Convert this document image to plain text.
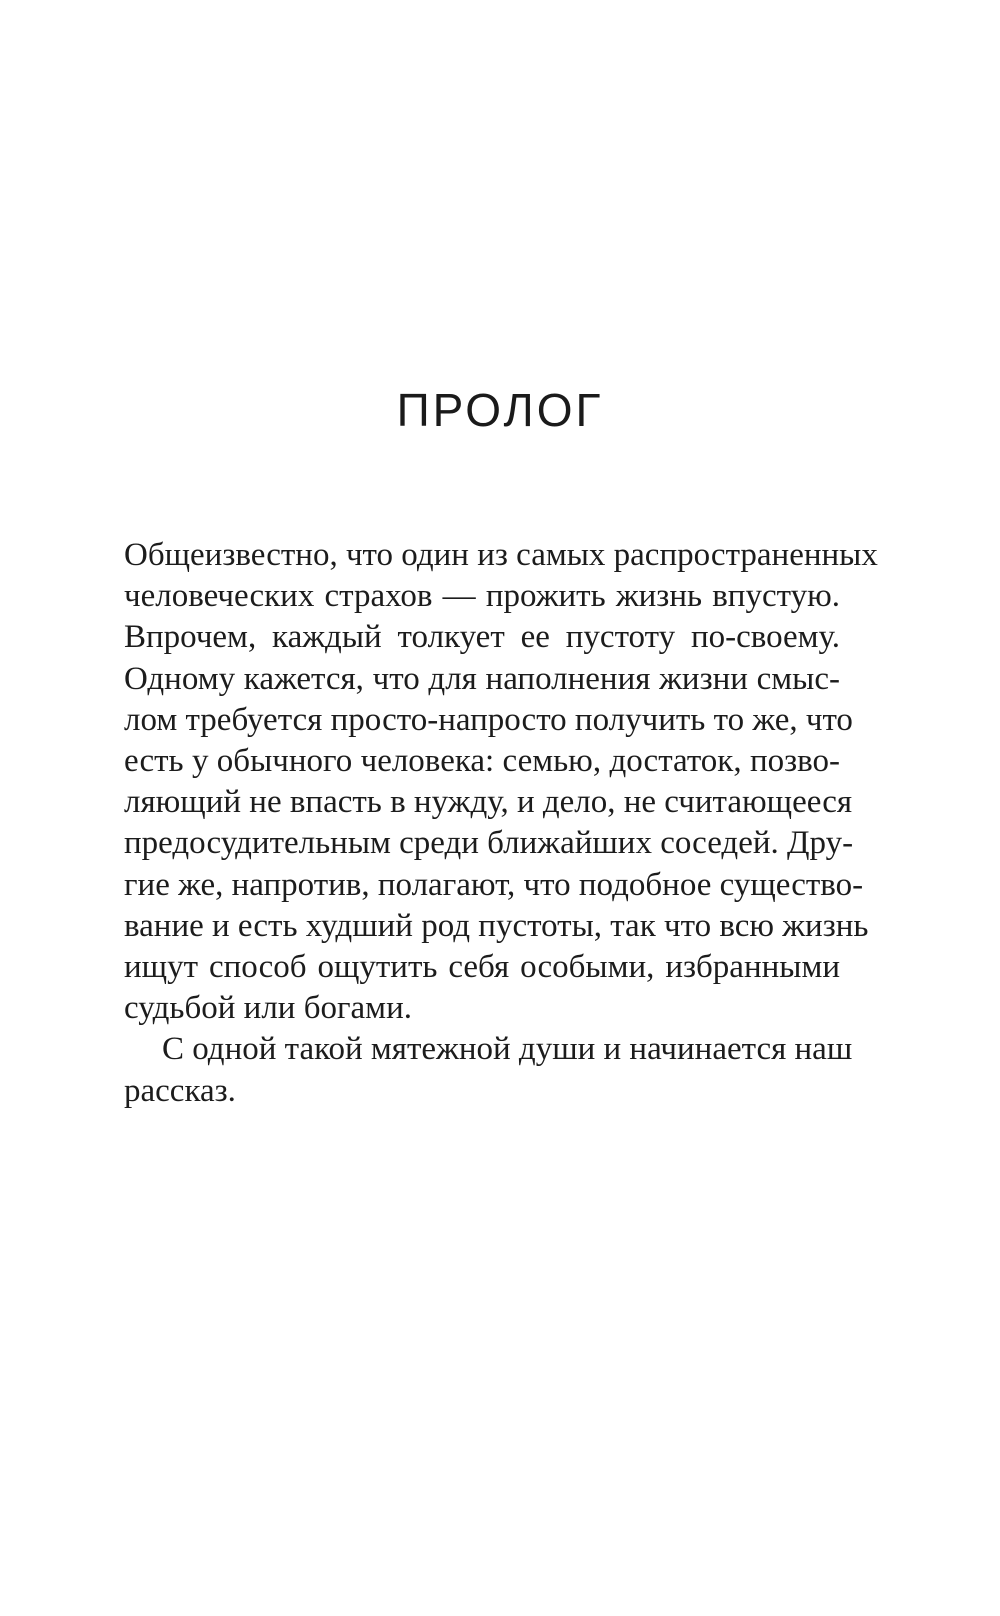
ПРОЛОГ
Общеизвестно, что один из самых распространенных
человеческих страхов — прожить жизнь впустую.
Впрочем, каждый толкует ее пустоту по-своему.
Одному кажется, что для наполнения жизни смыс-
лом требуется просто-напросто получить то же, что
есть у обычного человека: семью, достаток, позво-
ляющий не впасть в нужду, и дело, не считающееся
предосудительным среди ближайших соседей. Дру-
гие же, напротив, полагают, что подобное существо-
вание и есть худший род пустоты, так что всю жизнь
ищут способ ощутить себя особыми, избранными
судьбой или богами.
С одной такой мятежной души и начинается наш
рассказ.
